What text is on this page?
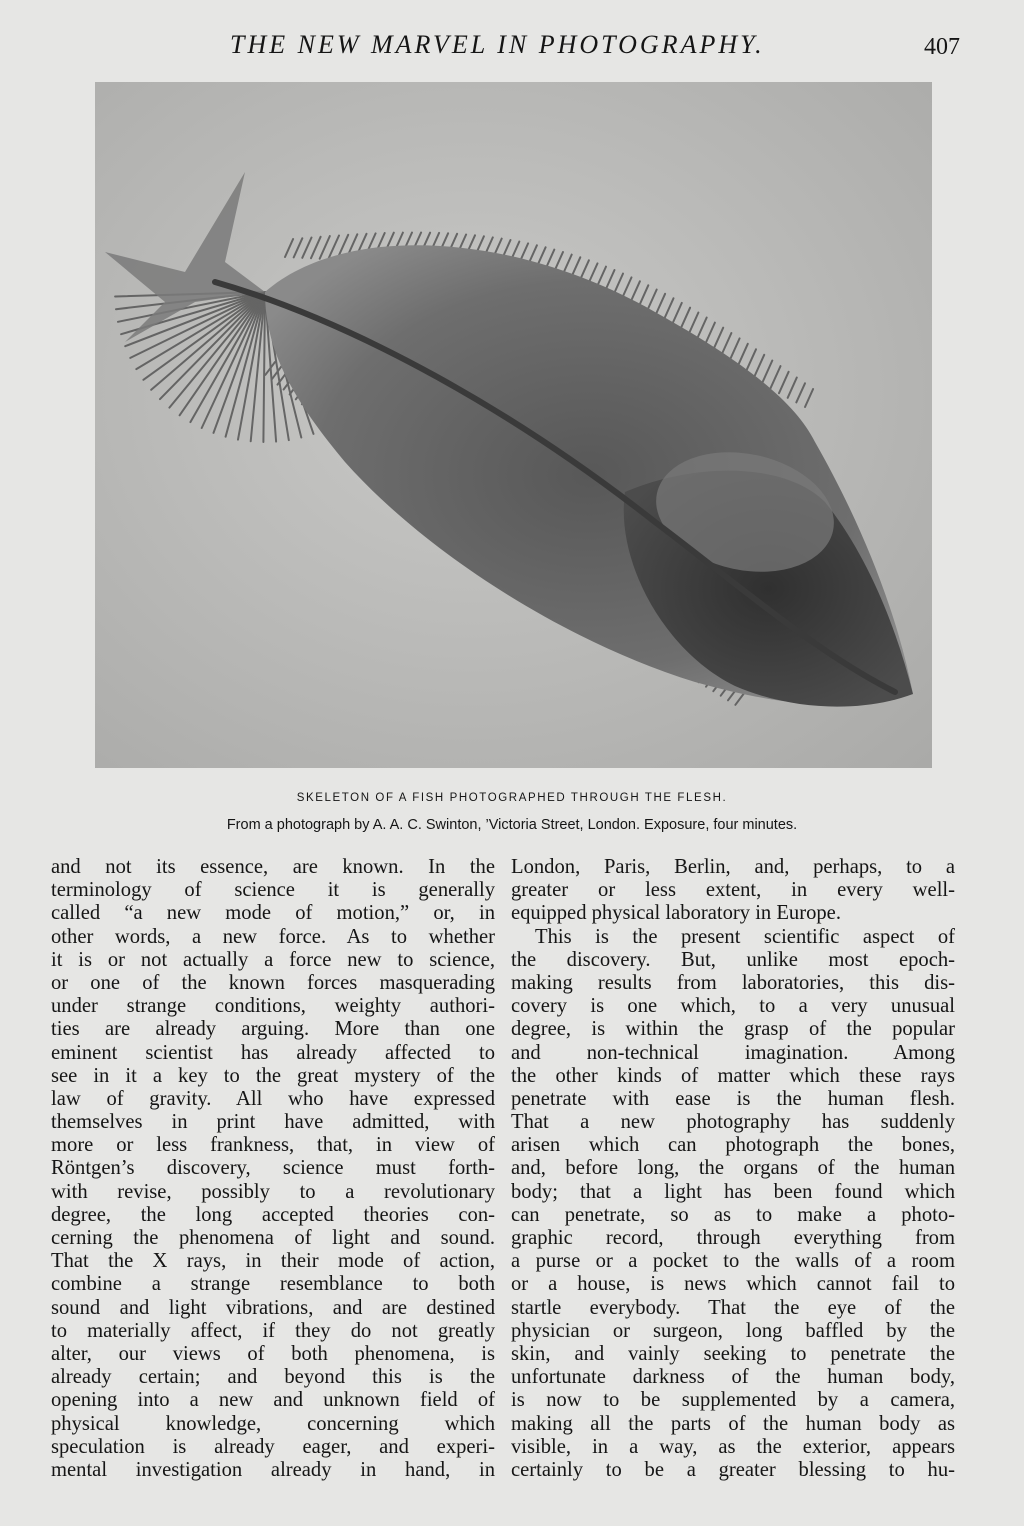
THE NEW MARVEL IN PHOTOGRAPHY.	407
SKELETON OF A FISH PHOTOGRAPHED THROUGH THE FLESH.
From a photograph by A. A. C. Swinton, ’Victoria Street, London. Exposure, four minutes.
and not its essence, are known. In the
terminology of science it is generally
called “a new mode of motion,” or, in
other words, a new force. As to whether
it is or not actually a force new to science,
or one of the known forces masquerading
under strange conditions, weighty authori-
ties are already arguing. More than one
eminent scientist has already affected to
see in it a key to the great mystery of the
law of gravity. All who have expressed
themselves in print have admitted, with
more or less frankness, that, in view of
Röntgen’s discovery, science must forth-
with revise, possibly to a revolutionary
degree, the long accepted theories con-
cerning the phenomena of light and sound.
That the X rays, in their mode of action,
combine a strange resemblance to both
sound and light vibrations, and are destined
to materially affect, if they do not greatly
alter, our views of both phenomena, is
already certain; and beyond this is the
opening into a new and unknown field of
physical knowledge, concerning which
speculation is already eager, and experi-
mental investigation already in hand, in
London, Paris, Berlin, and, perhaps, to a
greater or less extent, in every well-
equipped physical laboratory in Europe.
This is the present scientific aspect of
the discovery. But, unlike most epoch-
making results from laboratories, this dis-
covery is one which, to a very unusual
degree, is within the grasp of the popular
and non-technical imagination. Among
the other kinds of matter which these rays
penetrate with ease is the human flesh.
That a new photography has suddenly
arisen which can photograph the bones,
and, before long, the organs of the human
body; that a light has been found which
can penetrate, so as to make a photo-
graphic record, through everything from
a purse or a pocket to the walls of a room
or a house, is news which cannot fail to
startle everybody. That the eye of the
physician or surgeon, long baffled by the
skin, and vainly seeking to penetrate the
unfortunate darkness of the human body,
is now to be supplemented by a camera,
making all the parts of the human body as
visible, in a way, as the exterior, appears
certainly to be a greater blessing to hu-
